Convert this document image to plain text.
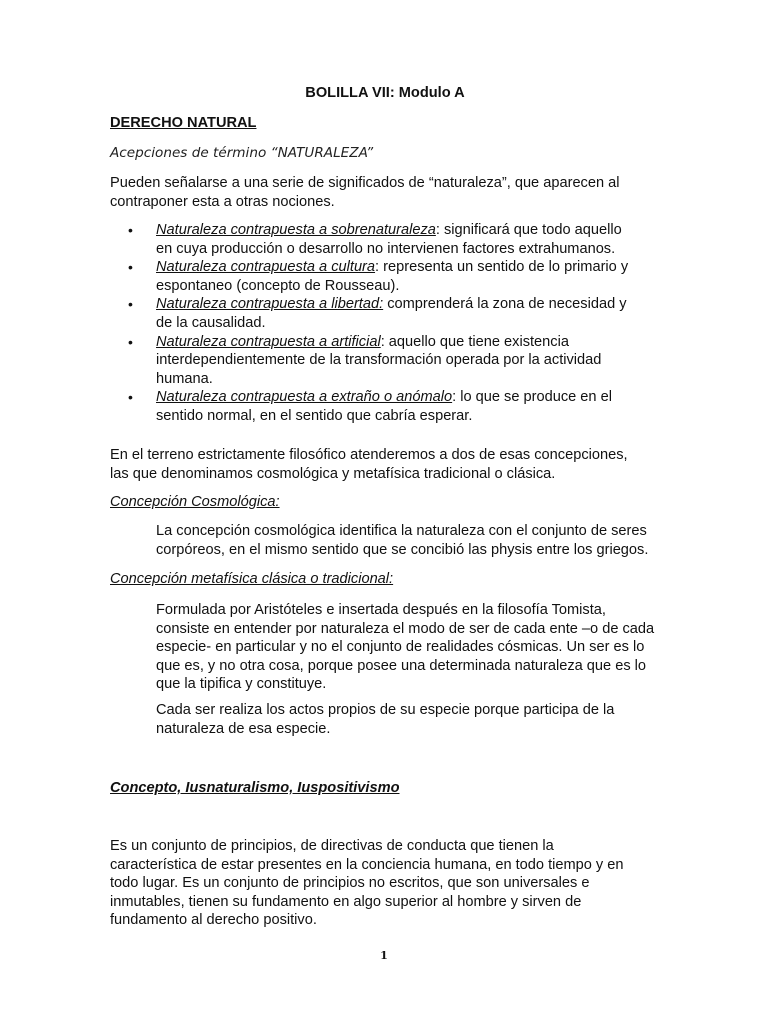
BOLILLA VII: Modulo A
DERECHO NATURAL
Acepciones de término “NATURALEZA”

Pueden señalarse a una serie de significados de “naturaleza”, que aparecen al contraponer esta a otras nociones.

• Naturaleza contrapuesta a sobrenaturaleza: significará que todo aquello en cuya producción o desarrollo no intervienen factores extrahumanos.
• Naturaleza contrapuesta a cultura: representa un sentido de lo primario y espontaneo (concepto de Rousseau).
• Naturaleza contrapuesta a libertad: comprenderá la zona de necesidad y de la causalidad.
• Naturaleza contrapuesta a artificial: aquello que tiene existencia interdependientemente de la transformación operada por la actividad humana.
• Naturaleza contrapuesta a extraño o anómalo: lo que se produce en el sentido normal, en el sentido que cabría esperar.

En el terreno estrictamente filosófico atenderemos a dos de esas concepciones, las que denominamos cosmológica y metafísica tradicional o clásica.

Concepción Cosmológica:

La concepción cosmológica identifica la naturaleza con el conjunto de seres corpóreos, en el mismo sentido que se concibió las physis entre los griegos.

Concepción metafísica clásica o tradicional:

Formulada por Aristóteles e insertada después en la filosofía Tomista, consiste en entender por naturaleza el modo de ser de cada ente –o de cada especie- en particular y no el conjunto de realidades cósmicas. Un ser es lo que es, y no otra cosa, porque posee una determinada naturaleza que es lo que la tipifica y constituye.

Cada ser realiza los actos propios de su especie porque participa de la naturaleza de esa especie.

Concepto, Iusnaturalismo, Iuspositivismo

Es un conjunto de principios, de directivas de conducta que tienen la característica de estar presentes en la conciencia humana, en todo tiempo y en todo lugar. Es un conjunto de principios no escritos, que son universales e inmutables, tienen su fundamento en algo superior al hombre y sirven de fundamento al derecho positivo.

1
